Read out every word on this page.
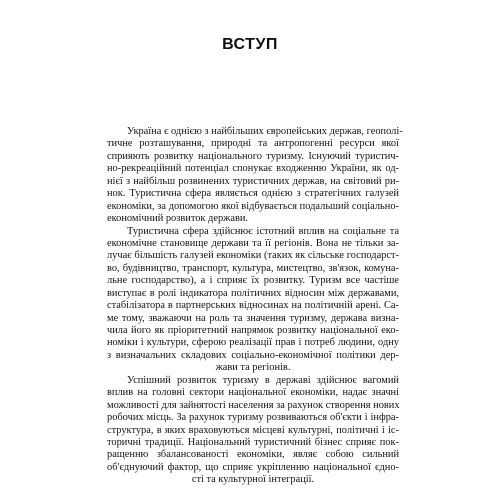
ВСТУП
Україна є однією з найбільших європейських держав, геополі-
тичне розташування, природні та антропогенні ресурси якої
сприяють розвитку національного туризму. Існуючий туристич-
но-рекреаційний потенціал спонукає входженню України, як од-
нієї з найбільш розвинених туристичних держав, на світовий ри-
нок. Туристична сфера являється однією з стратегічних галузей
економіки, за допомогою якої відбувається подальший соціально-
економічний розвиток держави.
Туристична сфера здійснює істотний вплив на соціальне та
економічне становище держави та її регіонів. Вона не тільки за-
лучає більшість галузей економіки (таких як сільське господарст-
во, будівництво, транспорт, культура, мистецтво, зв'язок, комуна-
льне господарство), а і сприяє їх розвитку. Туризм все частіше
виступає в ролі індикатора політичних відносин між державами,
стабілізатора в партнерських відносинах на політичній арені. Са-
ме тому, зважаючи на роль та значення туризму, держава визна-
чила його як пріоритетний напрямок розвитку національної еко-
номіки і культури, сферою реалізації прав і потреб людини, одну
з визначальних складових соціально-економічної політики дер-
жави та регіонів.
Успішний розвиток туризму в державі здійснює вагомий
вплив на головні сектори національної економіки, надає значні
можливості для зайнятості населення за рахунок створення нових
робочих місць. За рахунок туризму розвиваються об'єкти і інфра-
структура, в яких враховуються місцеві культурні, політичні і іс-
торичні традиції. Національний туристичний бізнес сприяє пок-
ращенню збалансованості економіки, являє собою сильний
об'єднуючий фактор, що сприяє укріпленню національної єдно-
сті та культурної інтеграції.
